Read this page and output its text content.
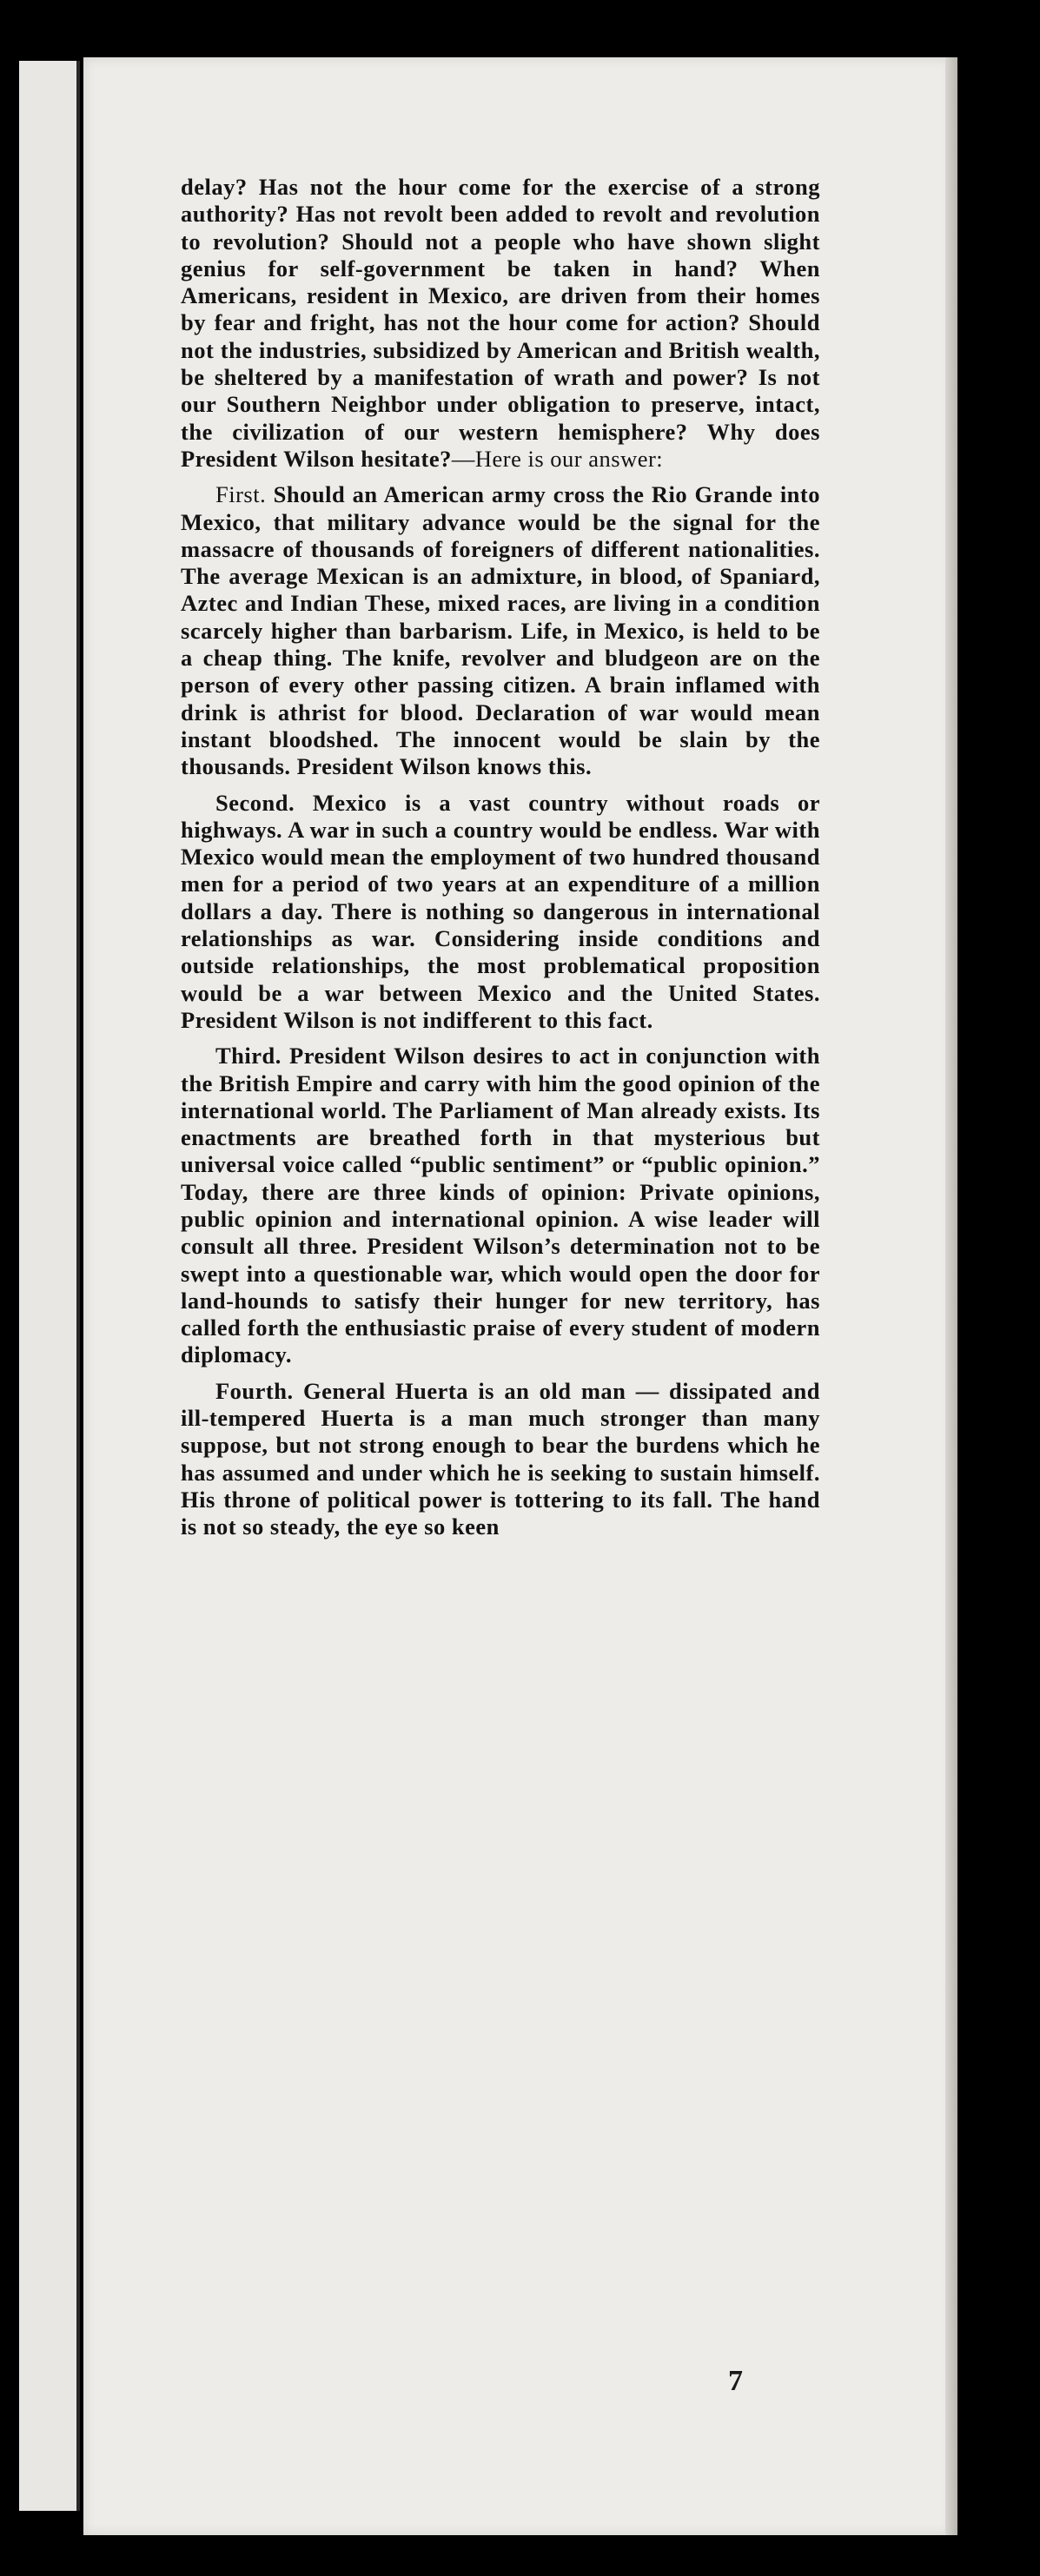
delay? Has not the hour come for the exercise of a strong authority? Has not revolt been added to revolt and revolution to revolution? Should not a people who have shown slight genius for self-government be taken in hand? When Americans, resident in Mexico, are driven from their homes by fear and fright, has not the hour come for action? Should not the industries, subsidized by American and British wealth, be sheltered by a manifestation of wrath and power? Is not our Southern Neighbor under obligation to preserve, intact, the civilization of our western hemisphere? Why does President Wilson hesitate?—Here is our answer:

First. Should an American army cross the Rio Grande into Mexico, that military advance would be the signal for the massacre of thousands of foreigners of different nationalities. The average Mexican is an admixture, in blood, of Spaniard, Aztec and Indian These, mixed races, are living in a condition scarcely higher than barbarism. Life, in Mexico, is held to be a cheap thing. The knife, revolver and bludgeon are on the person of every other passing citizen. A brain inflamed with drink is athrist for blood. Declaration of war would mean instant bloodshed. The innocent would be slain by the thousands. President Wilson knows this.

Second. Mexico is a vast country without roads or highways. A war in such a country would be endless. War with Mexico would mean the employment of two hundred thousand men for a period of two years at an expenditure of a million dollars a day. There is nothing so dangerous in international relationships as war. Considering inside conditions and outside relationships, the most problematical proposition would be a war between Mexico and the United States. President Wilson is not indifferent to this fact.

Third. President Wilson desires to act in conjunction with the British Empire and carry with him the good opinion of the international world. The Parliament of Man already exists. Its enactments are breathed forth in that mysterious but universal voice called “public sentiment” or “public opinion.” Today, there are three kinds of opinion: Private opinions, public opinion and international opinion. A wise leader will consult all three. President Wilson’s determination not to be swept into a questionable war, which would open the door for land-hounds to satisfy their hunger for new territory, has called forth the enthusiastic praise of every student of modern diplomacy.

Fourth. General Huerta is an old man — dissipated and ill-tempered Huerta is a man much stronger than many suppose, but not strong enough to bear the burdens which he has assumed and under which he is seeking to sustain himself. His throne of political power is tottering to its fall. The hand is not so steady, the eye so keen

7
